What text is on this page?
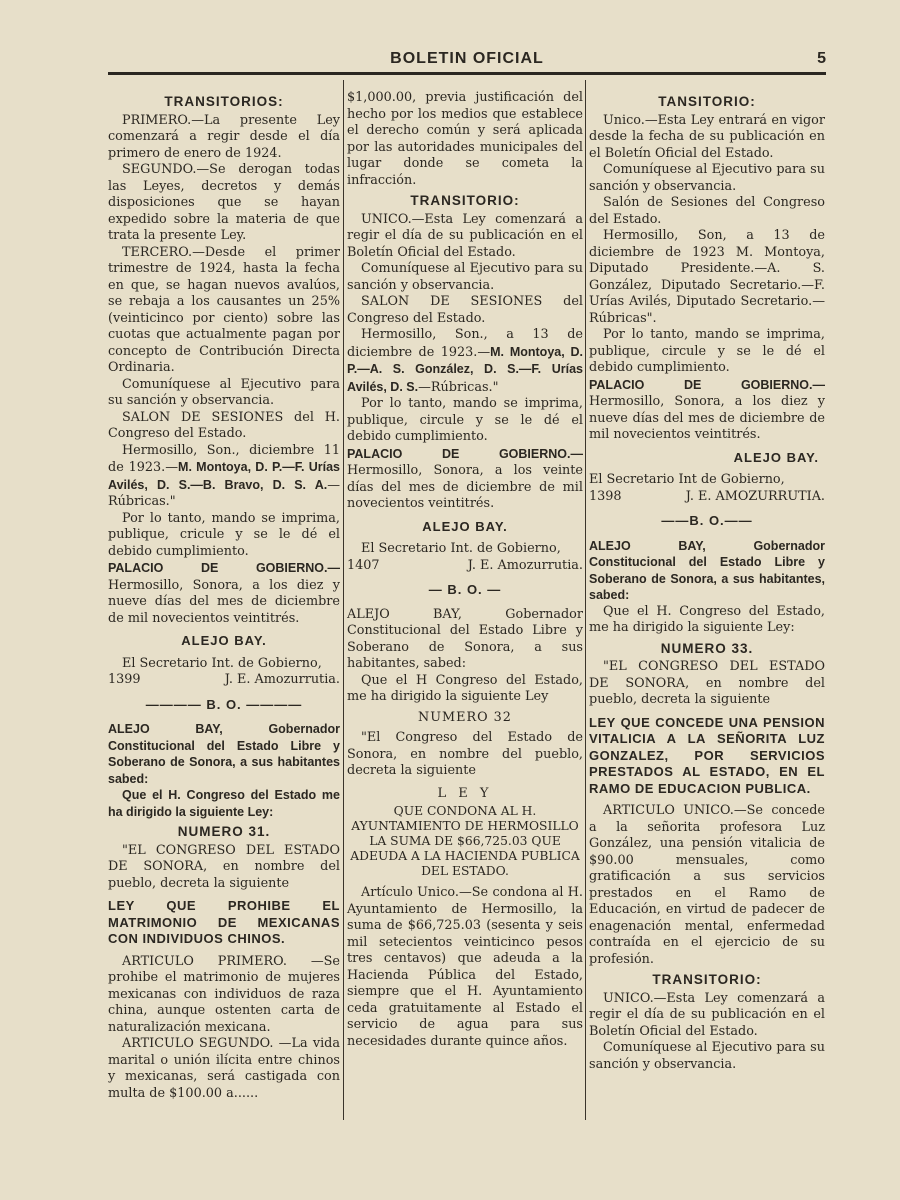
BOLETIN OFICIAL	5
TRANSITORIOS:

PRIMERO.—La presente Ley comenzará a regir desde el día primero de enero de 1924.

SEGUNDO.—Se derogan todas las Leyes, decretos y demás disposiciones que se hayan expedido sobre la materia de que trata la presente Ley.

TERCERO.—Desde el primer trimestre de 1924, hasta la fecha en que, se hagan nuevos avalúos, se rebaja a los causantes un 25% (veinticinco por ciento) sobre las cuotas que actualmente pagan por concepto de Contribución Directa Ordinaria.

Comuníquese al Ejecutivo para su sanción y observancia.

SALON DE SESIONES del H. Congreso del Estado.

Hermosillo, Son., diciembre 11 de 1923.—M. Montoya, D. P.—F. Urías Avilés, D. S.—B. Bravo, D. S. A.—Rúbricas."

Por lo tanto, mando se imprima, publique, cricule y se le dé el debido cumplimiento.

PALACIO DE GOBIERNO.—Hermosillo, Sonora, a los diez y nueve días del mes de diciembre de mil novecientos veintitrés.

ALEJO BAY.

El Secretario Int. de Gobierno,

1399	J. E. Amozurrutia.
———— B. O. ————

ALEJO BAY, Gobernador Constitucional del Estado Libre y Soberano de Sonora, a sus habitantes sabed:

Que el H. Congreso del Estado me ha dirigido la siguiente Ley:

NUMERO 31.

"EL CONGRESO DEL ESTADO DE SONORA, en nombre del pueblo, decreta la siguiente

LEY QUE PROHIBE EL MATRIMONIO DE MEXICANAS CON INDIVIDUOS CHINOS.

ARTICULO PRIMERO. —Se prohibe el matrimonio de mujeres mexicanas con individuos de raza china, aunque ostenten carta de naturalización mexicana.

ARTICULO SEGUNDO. —La vida marital o unión ilícita entre chinos y mexicanas, será castigada con multa de $100.00 a......

$1,000.00, previa justificación del hecho por los medios que establece el derecho común y será aplicada por las autoridades municipales del lugar donde se cometa la infracción.

TRANSITORIO:

UNICO.—Esta Ley comenzará a regir el día de su publicación en el Boletín Oficial del Estado.

Comuníquese al Ejecutivo para su sanción y observancia.

SALON DE SESIONES del Congreso del Estado.

Hermosillo, Son., a 13 de diciembre de 1923.—M. Montoya, D. P.—A. S. González, D. S.—F. Urías Avilés, D. S.—Rúbricas."

Por lo tanto, mando se imprima, publique, circule y se le dé el debido cumplimiento.

PALACIO DE GOBIERNO.—Hermosillo, Sonora, a los veinte días del mes de diciembre de mil novecientos veintitrés.

ALEJO BAY.

El Secretario Int. de Gobierno,

1407	J. E. Amozurrutia.
— B. O. —

ALEJO BAY, Gobernador Constitucional del Estado Libre y Soberano de Sonora, a sus habitantes, sabed:

Que el H Congreso del Estado, me ha dirigido la siguiente Ley

NUMERO 32

"El Congreso del Estado de Sonora, en nombre del pueblo, decreta la siguiente

L E Y
QUE CONDONA AL H. AYUNTAMIENTO DE HERMOSILLO LA SUMA DE $66,725.03 QUE ADEUDA A LA HACIENDA PUBLICA DEL ESTADO.

Artículo Unico.—Se condona al H. Ayuntamiento de Hermosillo, la suma de $66,725.03 (sesenta y seis mil setecientos veinticinco pesos tres centavos) que adeuda a la Hacienda Pública del Estado, siempre que el H. Ayuntamiento ceda gratuitamente al Estado el servicio de agua para sus necesidades durante quince años.

TANSITORIO:

Unico.—Esta Ley entrará en vigor desde la fecha de su publicación en el Boletín Oficial del Estado.

Comuníquese al Ejecutivo para su sanción y observancia.

Salón de Sesiones del Congreso del Estado.

Hermosillo, Son, a 13 de diciembre de 1923 M. Montoya, Diputado Presidente.—A. S. González, Diputado Secretario.—F. Urías Avilés, Diputado Secretario.—Rúbricas".

Por lo tanto, mando se imprima, publique, circule y se le dé el debido cumplimiento.

PALACIO DE GOBIERNO.—Hermosillo, Sonora, a los diez y nueve días del mes de diciembre de mil novecientos veintitrés.

ALEJO BAY.

El Secretario Int de Gobierno,

1398	J. E. AMOZURRUTIA.
——B. O.——

ALEJO BAY, Gobernador Constitucional del Estado Libre y Soberano de Sonora, a sus habitantes, sabed:

Que el H. Congreso del Estado, me ha dirigido la siguiente Ley:

NUMERO 33.

"EL CONGRESO DEL ESTADO DE SONORA, en nombre del pueblo, decreta la siguiente

LEY QUE CONCEDE UNA PENSION VITALICIA A LA SEÑORITA LUZ GONZALEZ, POR SERVICIOS PRESTADOS AL ESTADO, EN EL RAMO DE EDUCACION PUBLICA.

ARTICULO UNICO.—Se concede a la señorita profesora Luz González, una pensión vitalicia de $90.00 mensuales, como gratificación a sus servicios prestados en el Ramo de Educación, en virtud de padecer de enagenación mental, enfermedad contraída en el ejercicio de su profesión.

TRANSITORIO:

UNICO.—Esta Ley comenzará a regir el día de su publicación en el Boletín Oficial del Estado.

Comuníquese al Ejecutivo para su sanción y observancia.
